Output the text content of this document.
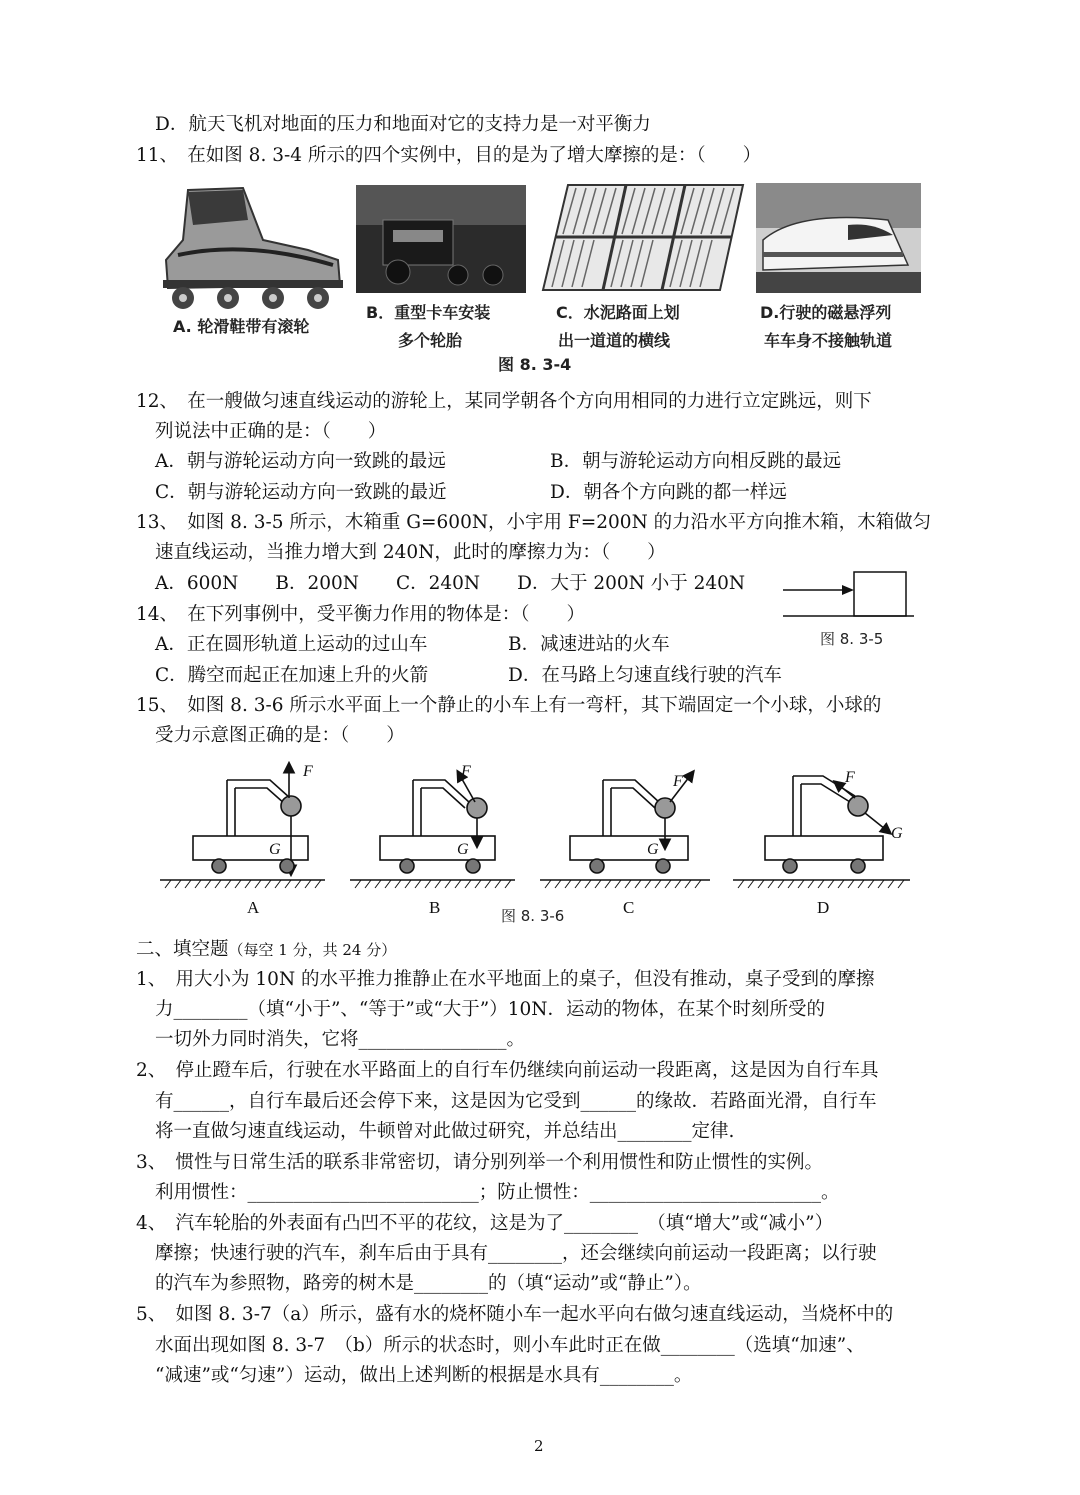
D．航天飞机对地面的压力和地面对它的支持力是一对平衡力
11、　在如图 8. 3-4 所示的四个实例中，目的是为了增大摩擦的是：（　　）
A. 轮滑鞋带有滚轮
B．重型卡车安装
多个轮胎
C．水泥路面上划
出一道道的横线
D.行驶的磁悬浮列
车车身不接触轨道
图 8. 3-4
12、　在一艘做匀速直线运动的游轮上，某同学朝各个方向用相同的力进行立定跳远，则下
列说法中正确的是：（　　）
A．朝与游轮运动方向一致跳的最远	B．朝与游轮运动方向相反跳的最远
C．朝与游轮运动方向一致跳的最近	D．朝各个方向跳的都一样远
13、　如图 8. 3-5 所示，木箱重 G=600N，小宇用 F=200N 的力沿水平方向推木箱，木箱做匀
速直线运动，当推力增大到 240N，此时的摩擦力为：（　　）
A．600N　　B．200N　　C．240N　　D．大于 200N 小于 240N
图 8. 3-5
14、　在下列事例中，受平衡力作用的物体是：（　　）
A．正在圆形轨道上运动的过山车	B．减速进站的火车
C．腾空而起正在加速上升的火箭	D．在马路上匀速直线行驶的汽车
15、　如图 8. 3-6 所示水平面上一个静止的小车上有一弯杆，其下端固定一个小球，小球的
受力示意图正确的是：（　　）
F
G
F
G
F
G
F
G
A	B	C	D
图 8. 3-6
二、填空题（每空 1 分，共 24 分）
1、　用大小为 10N 的水平推力推静止在水平地面上的桌子，但没有推动，桌子受到的摩擦
力________（填“小于”、“等于”或“大于”）10N．运动的物体，在某个时刻所受的
一切外力同时消失，它将________________。
2、　停止蹬车后，行驶在水平路面上的自行车仍继续向前运动一段距离，这是因为自行车具
有______，自行车最后还会停下来，这是因为它受到______的缘故．若路面光滑，自行车
将一直做匀速直线运动，牛顿曾对此做过研究，并总结出________定律.
3、　惯性与日常生活的联系非常密切，请分别列举一个利用惯性和防止惯性的实例。
利用惯性：_________________________；防止惯性：_________________________。
4、　汽车轮胎的外表面有凸凹不平的花纹，这是为了________　（填“增大”或“减小”）
摩擦；快速行驶的汽车，刹车后由于具有________，还会继续向前运动一段距离；以行驶
的汽车为参照物，路旁的树木是________的（填“运动”或“静止”）。
5、　如图 8. 3-7（a）所示，盛有水的烧杯随小车一起水平向右做匀速直线运动，当烧杯中的
水面出现如图 8. 3-7　（b）所示的状态时，则小车此时正在做________（选填“加速”、
“减速”或“匀速”）运动，做出上述判断的根据是水具有________。
2
